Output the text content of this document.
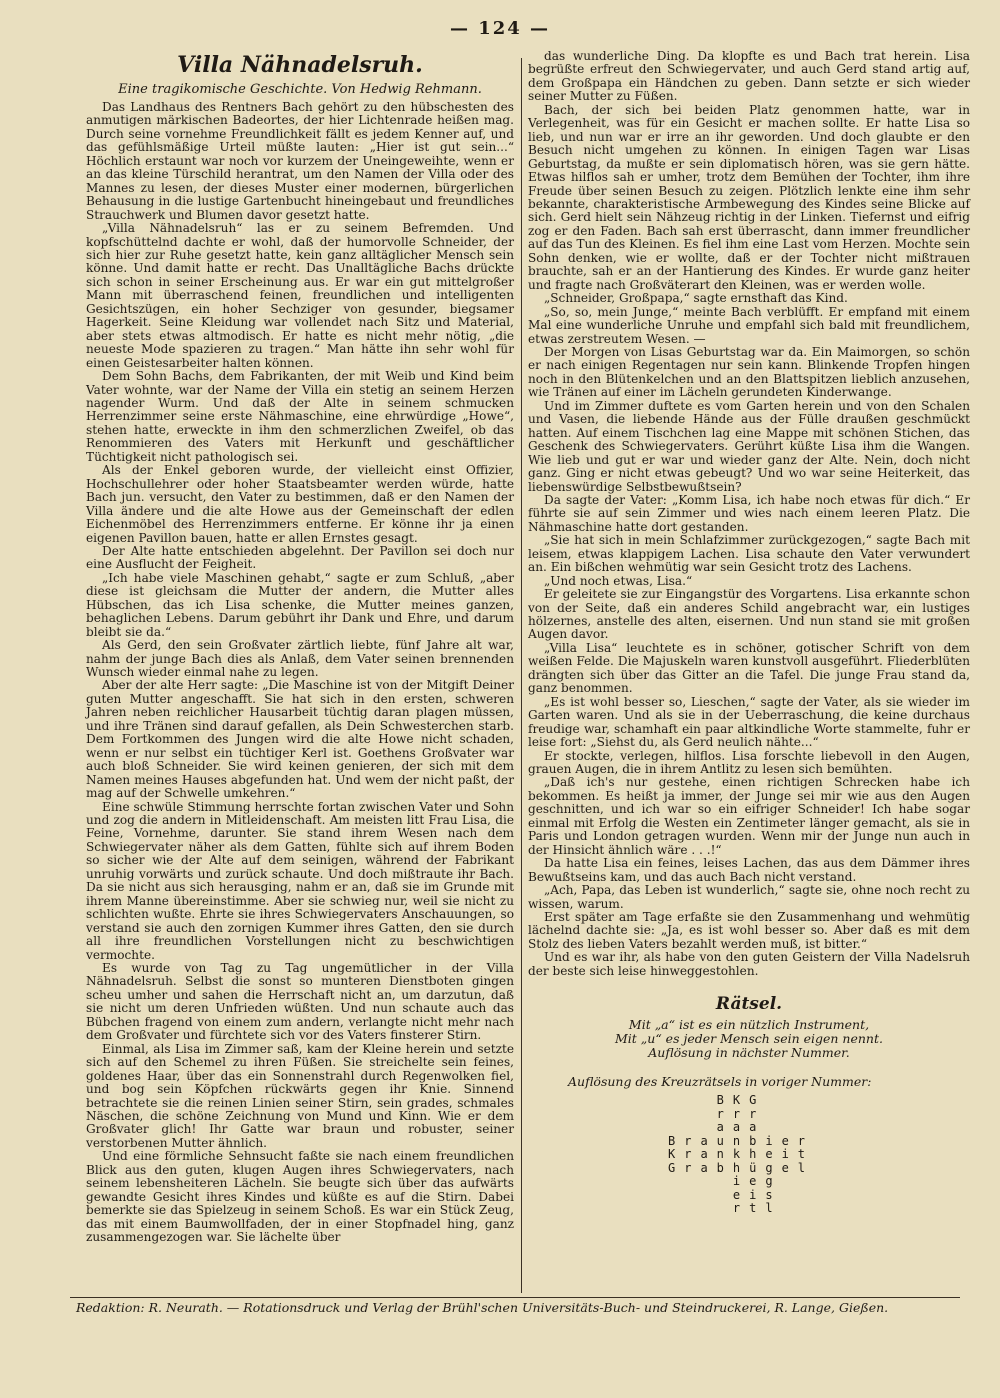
— 124 —
Villa Nähnadelsruh.
Eine tragikomische Geschichte. Von Hedwig Rehmann.

Das Landhaus des Rentners Bach gehört zu den hübschesten des anmutigen märkischen Badeortes, der hier Lichtenrade heißen mag. Durch seine vornehme Freundlichkeit fällt es jedem Kenner auf, und das gefühlsmäßige Urteil müßte lauten: „Hier ist gut sein...“ Höchlich erstaunt war noch vor kurzem der Uneingeweihte, wenn er an das kleine Türschild herantrat, um den Namen der Villa oder des Mannes zu lesen, der dieses Muster einer modernen, bürgerlichen Behausung in die lustige Gartenbucht hineingebaut und freundliches Strauchwerk und Blumen davor gesetzt hatte.

„Villa Nähnadelsruh“ las er zu seinem Befremden. Und kopfschüttelnd dachte er wohl, daß der humorvolle Schneider, der sich hier zur Ruhe gesetzt hatte, kein ganz alltäglicher Mensch sein könne. Und damit hatte er recht. Das Unalltägliche Bachs drückte sich schon in seiner Erscheinung aus. Er war ein gut mittelgroßer Mann mit überraschend feinen, freundlichen und intelligenten Gesichtszügen, ein hoher Sechziger von gesunder, biegsamer Hagerkeit. Seine Kleidung war vollendet nach Sitz und Material, aber stets etwas altmodisch. Er hatte es nicht mehr nötig, „die neueste Mode spazieren zu tragen.“ Man hätte ihn sehr wohl für einen Geistesarbeiter halten können.

Dem Sohn Bachs, dem Fabrikanten, der mit Weib und Kind beim Vater wohnte, war der Name der Villa ein stetig an seinem Herzen nagender Wurm. Und daß der Alte in seinem schmucken Herrenzimmer seine erste Nähmaschine, eine ehrwürdige „Howe“, stehen hatte, erweckte in ihm den schmerzlichen Zweifel, ob das Renommieren des Vaters mit Herkunft und geschäftlicher Tüchtigkeit nicht pathologisch sei.

Als der Enkel geboren wurde, der vielleicht einst Offizier, Hochschullehrer oder hoher Staatsbeamter werden würde, hatte Bach jun. versucht, den Vater zu bestimmen, daß er den Namen der Villa ändere und die alte Howe aus der Gemeinschaft der edlen Eichenmöbel des Herrenzimmers entferne. Er könne ihr ja einen eigenen Pavillon bauen, hatte er allen Ernstes gesagt.

Der Alte hatte entschieden abgelehnt. Der Pavillon sei doch nur eine Ausflucht der Feigheit.

„Ich habe viele Maschinen gehabt,“ sagte er zum Schluß, „aber diese ist gleichsam die Mutter der andern, die Mutter alles Hübschen, das ich Lisa schenke, die Mutter meines ganzen, behaglichen Lebens. Darum gebührt ihr Dank und Ehre, und darum bleibt sie da.“

Als Gerd, den sein Großvater zärtlich liebte, fünf Jahre alt war, nahm der junge Bach dies als Anlaß, dem Vater seinen brennenden Wunsch wieder einmal nahe zu legen.

Aber der alte Herr sagte: „Die Maschine ist von der Mitgift Deiner guten Mutter angeschafft. Sie hat sich in den ersten, schweren Jahren neben reichlicher Hausarbeit tüchtig daran plagen müssen, und ihre Tränen sind darauf gefallen, als Dein Schwesterchen starb. Dem Fortkommen des Jungen wird die alte Howe nicht schaden, wenn er nur selbst ein tüchtiger Kerl ist. Goethens Großvater war auch bloß Schneider. Sie wird keinen genieren, der sich mit dem Namen meines Hauses abgefunden hat. Und wem der nicht paßt, der mag auf der Schwelle umkehren.“

Eine schwüle Stimmung herrschte fortan zwischen Vater und Sohn und zog die andern in Mitleidenschaft. Am meisten litt Frau Lisa, die Feine, Vornehme, darunter. Sie stand ihrem Wesen nach dem Schwiegervater näher als dem Gatten, fühlte sich auf ihrem Boden so sicher wie der Alte auf dem seinigen, während der Fabrikant unruhig vorwärts und zurück schaute. Und doch mißtraute ihr Bach. Da sie nicht aus sich herausging, nahm er an, daß sie im Grunde mit ihrem Manne übereinstimme. Aber sie schwieg nur, weil sie nicht zu schlichten wußte. Ehrte sie ihres Schwiegervaters Anschauungen, so verstand sie auch den zornigen Kummer ihres Gatten, den sie durch all ihre freundlichen Vorstellungen nicht zu beschwichtigen vermochte.

Es wurde von Tag zu Tag ungemütlicher in der Villa Nähnadelsruh. Selbst die sonst so munteren Dienstboten gingen scheu umher und sahen die Herrschaft nicht an, um darzutun, daß sie nicht um deren Unfrieden wüßten. Und nun schaute auch das Bübchen fragend von einem zum andern, verlangte nicht mehr nach dem Großvater und fürchtete sich vor des Vaters finsterer Stirn.

Einmal, als Lisa im Zimmer saß, kam der Kleine herein und setzte sich auf den Schemel zu ihren Füßen. Sie streichelte sein feines, goldenes Haar, über das ein Sonnenstrahl durch Regenwolken fiel, und bog sein Köpfchen rückwärts gegen ihr Knie. Sinnend betrachtete sie die reinen Linien seiner Stirn, sein grades, schmales Näschen, die schöne Zeichnung von Mund und Kinn. Wie er dem Großvater glich! Ihr Gatte war braun und robuster, seiner verstorbenen Mutter ähnlich.

Und eine förmliche Sehnsucht faßte sie nach einem freundlichen Blick aus den guten, klugen Augen ihres Schwiegervaters, nach seinem lebensheiteren Lächeln. Sie beugte sich über das aufwärts gewandte Gesicht ihres Kindes und küßte es auf die Stirn. Dabei bemerkte sie das Spielzeug in seinem Schoß. Es war ein Stück Zeug, das mit einem Baumwollfaden, der in einer Stopfnadel hing, ganz zusammengezogen war. Sie lächelte über

das wunderliche Ding. Da klopfte es und Bach trat herein. Lisa begrüßte erfreut den Schwiegervater, und auch Gerd stand artig auf, dem Großpapa ein Händchen zu geben. Dann setzte er sich wieder seiner Mutter zu Füßen.

Bach, der sich bei beiden Platz genommen hatte, war in Verlegenheit, was für ein Gesicht er machen sollte. Er hatte Lisa so lieb, und nun war er irre an ihr geworden. Und doch glaubte er den Besuch nicht umgehen zu können. In einigen Tagen war Lisas Geburtstag, da mußte er sein diplomatisch hören, was sie gern hätte. Etwas hilflos sah er umher, trotz dem Bemühen der Tochter, ihm ihre Freude über seinen Besuch zu zeigen. Plötzlich lenkte eine ihm sehr bekannte, charakteristische Armbewegung des Kindes seine Blicke auf sich. Gerd hielt sein Nähzeug richtig in der Linken. Tiefernst und eifrig zog er den Faden. Bach sah erst überrascht, dann immer freundlicher auf das Tun des Kleinen. Es fiel ihm eine Last vom Herzen. Mochte sein Sohn denken, wie er wollte, daß er der Tochter nicht mißtrauen brauchte, sah er an der Hantierung des Kindes. Er wurde ganz heiter und fragte nach Großväterart den Kleinen, was er werden wolle.

„Schneider, Großpapa,“ sagte ernsthaft das Kind.

„So, so, mein Junge,“ meinte Bach verblüfft. Er empfand mit einem Mal eine wunderliche Unruhe und empfahl sich bald mit freundlichem, etwas zerstreutem Wesen. —

Der Morgen von Lisas Geburtstag war da. Ein Maimorgen, so schön er nach einigen Regentagen nur sein kann. Blinkende Tropfen hingen noch in den Blütenkelchen und an den Blattspitzen lieblich anzusehen, wie Tränen auf einer im Lächeln gerundeten Kinderwange.

Und im Zimmer duftete es vom Garten herein und von den Schalen und Vasen, die liebende Hände aus der Fülle draußen geschmückt hatten. Auf einem Tischchen lag eine Mappe mit schönen Stichen, das Geschenk des Schwiegervaters. Gerührt küßte Lisa ihm die Wangen. Wie lieb und gut er war und wieder ganz der Alte. Nein, doch nicht ganz. Ging er nicht etwas gebeugt? Und wo war seine Heiterkeit, das liebenswürdige Selbstbewußtsein?

Da sagte der Vater: „Komm Lisa, ich habe noch etwas für dich.“ Er führte sie auf sein Zimmer und wies nach einem leeren Platz. Die Nähmaschine hatte dort gestanden.

„Sie hat sich in mein Schlafzimmer zurückgezogen,“ sagte Bach mit leisem, etwas klappigem Lachen. Lisa schaute den Vater verwundert an. Ein bißchen wehmütig war sein Gesicht trotz des Lachens.

„Und noch etwas, Lisa.“

Er geleitete sie zur Eingangstür des Vorgartens. Lisa erkannte schon von der Seite, daß ein anderes Schild angebracht war, ein lustiges hölzernes, anstelle des alten, eisernen. Und nun stand sie mit großen Augen davor.

„Villa Lisa“ leuchtete es in schöner, gotischer Schrift von dem weißen Felde. Die Majuskeln waren kunstvoll ausgeführt. Fliederblüten drängten sich über das Gitter an die Tafel. Die junge Frau stand da, ganz benommen.

„Es ist wohl besser so, Lieschen,“ sagte der Vater, als sie wieder im Garten waren. Und als sie in der Ueberraschung, die keine durchaus freudige war, schamhaft ein paar altkindliche Worte stammelte, fuhr er leise fort: „Siehst du, als Gerd neulich nähte...“

Er stockte, verlegen, hilflos. Lisa forschte liebevoll in den Augen, grauen Augen, die in ihrem Antlitz zu lesen sich bemühten.

„Daß ich's nur gestehe, einen richtigen Schrecken habe ich bekommen. Es heißt ja immer, der Junge sei mir wie aus den Augen geschnitten, und ich war so ein eifriger Schneider! Ich habe sogar einmal mit Erfolg die Westen ein Zentimeter länger gemacht, als sie in Paris und London getragen wurden. Wenn mir der Junge nun auch in der Hinsicht ähnlich wäre . . .!“

Da hatte Lisa ein feines, leises Lachen, das aus dem Dämmer ihres Bewußtseins kam, und das auch Bach nicht verstand.

„Ach, Papa, das Leben ist wunderlich,“ sagte sie, ohne noch recht zu wissen, warum.

Erst später am Tage erfaßte sie den Zusammenhang und wehmütig lächelnd dachte sie: „Ja, es ist wohl besser so. Aber daß es mit dem Stolz des lieben Vaters bezahlt werden muß, ist bitter.“

Und es war ihr, als habe von den guten Geistern der Villa Nadelsruh der beste sich leise hinweggestohlen.

Rätsel.
Mit „a“ ist es ein nützlich Instrument,
Mit „u“ es jeder Mensch sein eigen nennt.
Auflösung in nächster Nummer.
Auflösung des Kreuzrätsels in voriger Nummer:
BKG
rrr
aaa
Braunbier
Krankheit
Grabhügel
ieg
eis
rtl
Redaktion: R. Neurath. — Rotationsdruck und Verlag der Brühl'schen Universitäts-Buch- und Steindruckerei, R. Lange, Gießen.
